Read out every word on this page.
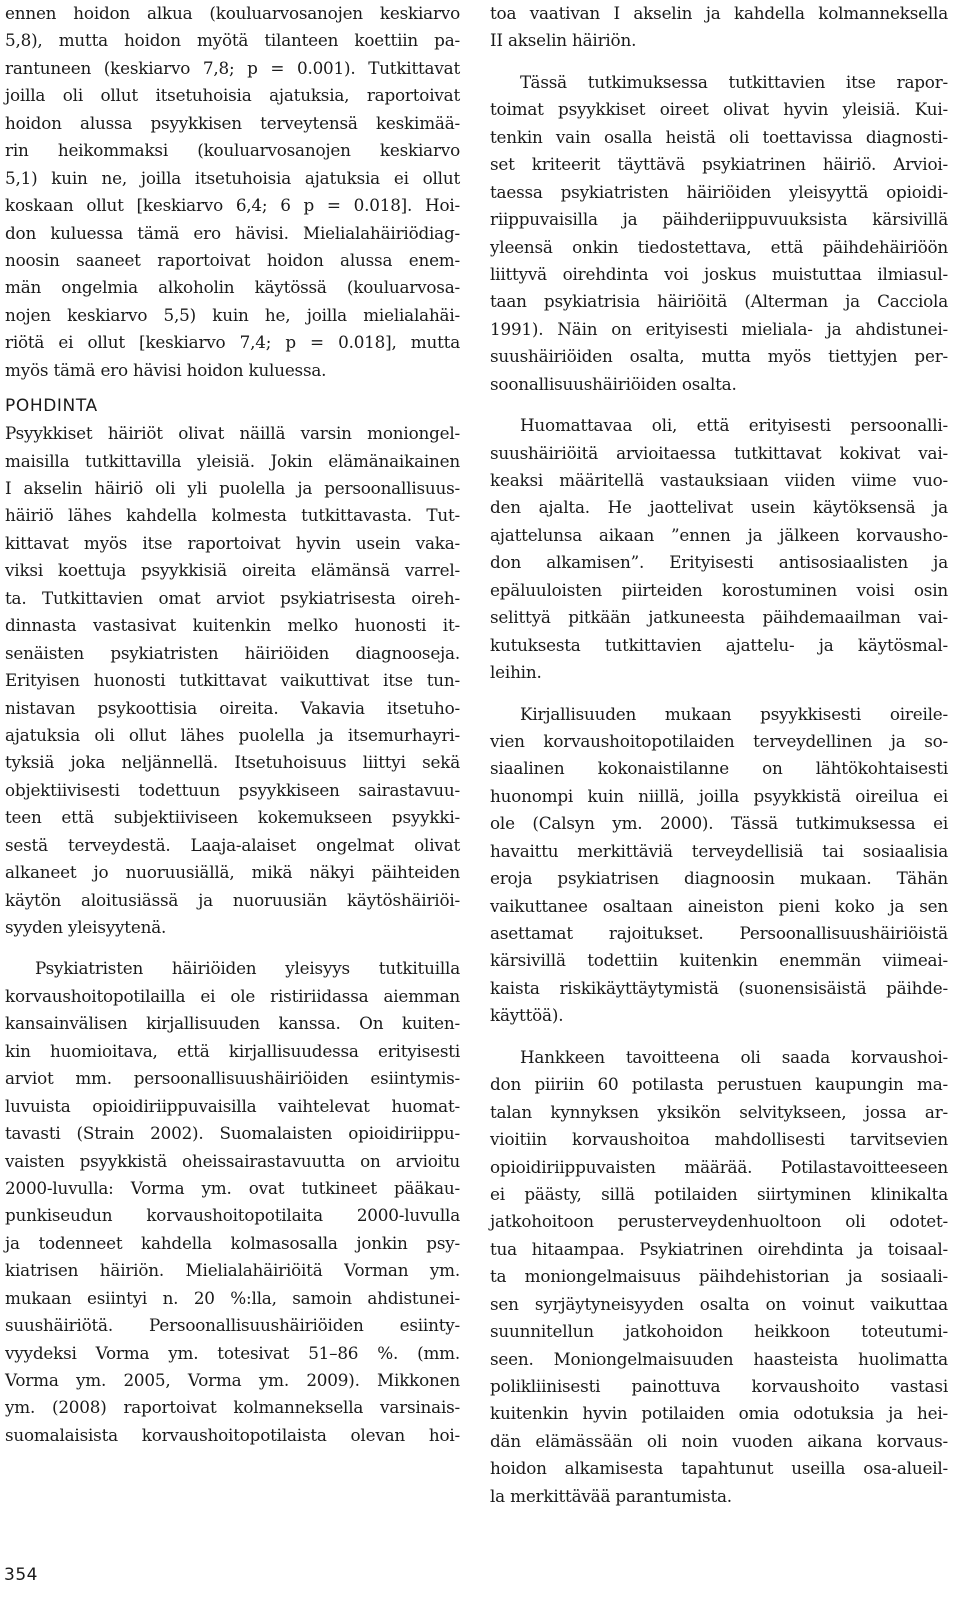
ennen hoidon alkua (kouluarvosanojen keskiarvo
5,8), mutta hoidon myötä tilanteen koettiin pa-
rantuneen (keskiarvo 7,8; p = 0.001). Tutkittavat
joilla oli ollut itsetuhoisia ajatuksia, raportoivat
hoidon alussa psyykkisen terveytensä keskimää-
rin heikommaksi (kouluarvosanojen keskiarvo
5,1) kuin ne, joilla itsetuhoisia ajatuksia ei ollut
koskaan ollut [keskiarvo 6,4; 6 p = 0.018]. Hoi-
don kuluessa tämä ero hävisi. Mielialahäiriödiag-
noosin saaneet raportoivat hoidon alussa enem-
män ongelmia alkoholin käytössä (kouluarvosa-
nojen keskiarvo 5,5) kuin he, joilla mielialahäi-
riötä ei ollut [keskiarvo 7,4; p = 0.018], mutta
myös tämä ero hävisi hoidon kuluessa.
POHDINTA
Psyykkiset häiriöt olivat näillä varsin moniongel-
maisilla tutkittavilla yleisiä. Jokin elämänaikainen
I akselin häiriö oli yli puolella ja persoonallisuus-
häiriö lähes kahdella kolmesta tutkittavasta. Tut-
kittavat myös itse raportoivat hyvin usein vaka-
viksi koettuja psyykkisiä oireita elämänsä varrel-
ta. Tutkittavien omat arviot psykiatrisesta oireh-
dinnasta vastasivat kuitenkin melko huonosti it-
senäisten psykiatristen häiriöiden diagnooseja.
Erityisen huonosti tutkittavat vaikuttivat itse tun-
nistavan psykoottisia oireita. Vakavia itsetuho-
ajatuksia oli ollut lähes puolella ja itsemurhayri-
tyksiä joka neljännellä. Itsetuhoisuus liittyi sekä
objektiivisesti todettuun psyykkiseen sairastavuu-
teen että subjektiiviseen kokemukseen psyykki-
sestä terveydestä. Laaja-alaiset ongelmat olivat
alkaneet jo nuoruusiällä, mikä näkyi päihteiden
käytön aloitusiässä ja nuoruusiän käytöshäiriöi-
syyden yleisyytenä.
Psykiatristen häiriöiden yleisyys tutkituilla
korvaushoitopotilailla ei ole ristiriidassa aiemman
kansainvälisen kirjallisuuden kanssa. On kuiten-
kin huomioitava, että kirjallisuudessa erityisesti
arviot mm. persoonallisuushäiriöiden esiintymis-
luvuista opioidiriippuvaisilla vaihtelevat huomat-
tavasti (Strain 2002). Suomalaisten opioidiriippu-
vaisten psyykkistä oheissairastavuutta on arvioitu
2000-luvulla: Vorma ym. ovat tutkineet pääkau-
punkiseudun korvaushoitopotilaita 2000-luvulla
ja todenneet kahdella kolmasosalla jonkin psy-
kiatrisen häiriön. Mielialahäiriöitä Vorman ym.
mukaan esiintyi n. 20 %:lla, samoin ahdistunei-
suushäiriötä. Persoonallisuushäiriöiden esiinty-
vyydeksi Vorma ym. totesivat 51–86 %. (mm.
Vorma ym. 2005, Vorma ym. 2009). Mikkonen
ym. (2008) raportoivat kolmanneksella varsinais-
suomalaisista korvaushoitopotilaista olevan hoi-
toa vaativan I akselin ja kahdella kolmanneksella
II akselin häiriön.
Tässä tutkimuksessa tutkittavien itse rapor-
toimat psyykkiset oireet olivat hyvin yleisiä. Kui-
tenkin vain osalla heistä oli toettavissa diagnosti-
set kriteerit täyttävä psykiatrinen häiriö. Arvioi-
taessa psykiatristen häiriöiden yleisyyttä opioidi-
riippuvaisilla ja päihderiippuvuuksista kärsivillä
yleensä onkin tiedostettava, että päihdehäiriöön
liittyvä oirehdinta voi joskus muistuttaa ilmiasul-
taan psykiatrisia häiriöitä (Alterman ja Cacciola
1991). Näin on erityisesti mieliala- ja ahdistunei-
suushäiriöiden osalta, mutta myös tiettyjen per-
soonallisuushäiriöiden osalta.
Huomattavaa oli, että erityisesti persoonalli-
suushäiriöitä arvioitaessa tutkittavat kokivat vai-
keaksi määritellä vastauksiaan viiden viime vuo-
den ajalta. He jaottelivat usein käytöksensä ja
ajattelunsa aikaan ”ennen ja jälkeen korvausho-
don alkamisen”. Erityisesti antisosiaalisten ja
epäluuloisten piirteiden korostuminen voisi osin
selittyä pitkään jatkuneesta päihdemaailman vai-
kutuksesta tutkittavien ajattelu- ja käytösmal-
leihin.
Kirjallisuuden mukaan psyykkisesti oireile-
vien korvaushoitopotilaiden terveydellinen ja so-
siaalinen kokonaistilanne on lähtökohtaisesti
huonompi kuin niillä, joilla psyykkistä oireilua ei
ole (Calsyn ym. 2000). Tässä tutkimuksessa ei
havaittu merkittäviä terveydellisiä tai sosiaalisia
eroja psykiatrisen diagnoosin mukaan. Tähän
vaikuttanee osaltaan aineiston pieni koko ja sen
asettamat rajoitukset. Persoonallisuushäiriöistä
kärsivillä todettiin kuitenkin enemmän viimeai-
kaista riskikäyttäytymistä (suonensisäistä päihde-
käyttöä).
Hankkeen tavoitteena oli saada korvaushoi-
don piiriin 60 potilasta perustuen kaupungin ma-
talan kynnyksen yksikön selvitykseen, jossa ar-
vioitiin korvaushoitoa mahdollisesti tarvitsevien
opioidiriippuvaisten määrää. Potilastavoitteeseen
ei päästy, sillä potilaiden siirtyminen klinikalta
jatkohoitoon perusterveydenhuoltoon oli odotet-
tua hitaampaa. Psykiatrinen oirehdinta ja toisaal-
ta moniongelmaisuus päihdehistorian ja sosiaali-
sen syrjäytyneisyyden osalta on voinut vaikuttaa
suunnitellun jatkohoidon heikkoon toteutumi-
seen. Moniongelmaisuuden haasteista huolimatta
polikliinisesti painottuva korvaushoito vastasi
kuitenkin hyvin potilaiden omia odotuksia ja hei-
dän elämässään oli noin vuoden aikana korvaus-
hoidon alkamisesta tapahtunut useilla osa-alueil-
la merkittävää parantumista.
354
